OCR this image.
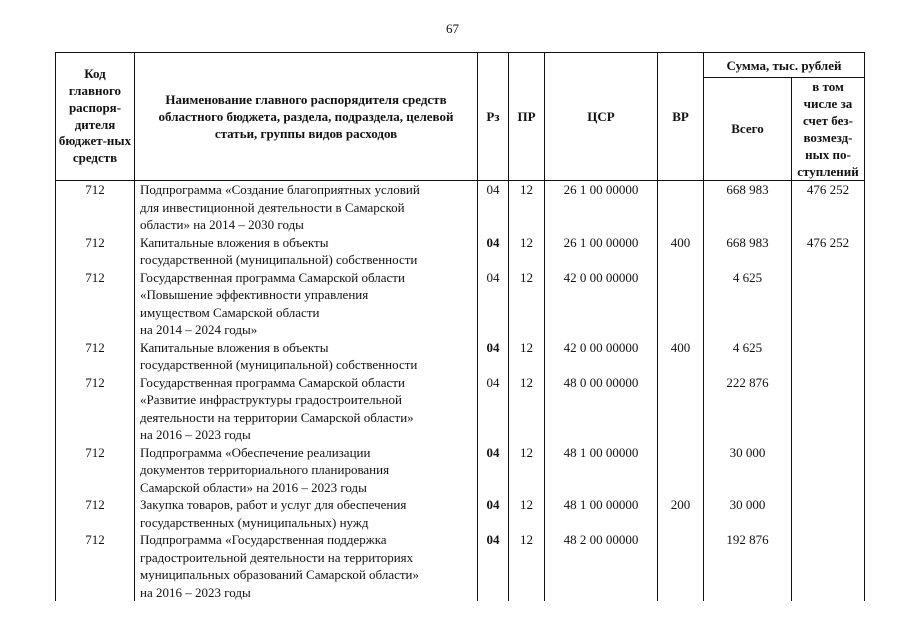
67
Код главного распоря-дителя бюджет-ных средств	Наименование главного распорядителя средств областного бюджета, раздела, подраздела, целевой статьи, группы видов расходов	Рз	ПР	ЦСР	ВР	Сумма, тыс. рублей	
						Всего	в том числе за счет без-возмезд-ных по-ступлений
712	Подпрограмма «Создание благоприятных условий
для инвестиционной деятельности в Самарской
области» на 2014 – 2030 годы	04	12	26 1 00 00000		668 983	476 252
712	Капитальные вложения в объекты
государственной (муниципальной) собственности	04	12	26 1 00 00000	400	668 983	476 252
712	Государственная программа Самарской области
«Повышение эффективности управления
имуществом Самарской области
на 2014 – 2024 годы»	04	12	42 0 00 00000		4 625	
712	Капитальные вложения в объекты
государственной (муниципальной) собственности	04	12	42 0 00 00000	400	4 625	
712	Государственная программа Самарской области
«Развитие инфраструктуры градостроительной
деятельности на территории Самарской области»
на 2016 – 2023 годы	04	12	48 0 00 00000		222 876	
712	Подпрограмма «Обеспечение реализации
документов территориального планирования
Самарской области» на 2016 – 2023 годы	04	12	48 1 00 00000		30 000	
712	Закупка товаров, работ и услуг для обеспечения
государственных (муниципальных) нужд	04	12	48 1 00 00000	200	30 000	
712	Подпрограмма «Государственная поддержка
градостроительной деятельности на территориях
муниципальных образований Самарской области»
на 2016 – 2023 годы	04	12	48 2 00 00000		192 876	
